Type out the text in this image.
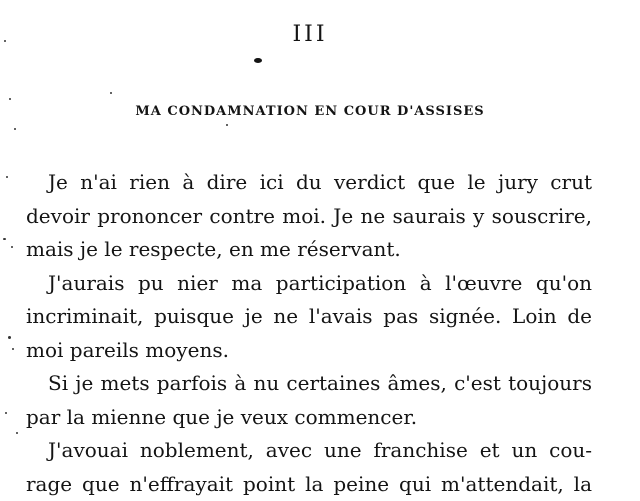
III
MA CONDAMNATION EN COUR D'ASSISES
Je n'ai rien à dire ici du verdict que le jury crut
devoir prononcer contre moi. Je ne saurais y souscrire,
mais je le respecte, en me réservant.
J'aurais pu nier ma participation à l'œuvre qu'on
incriminait, puisque je ne l'avais pas signée. Loin de
moi pareils moyens.
Si je mets parfois à nu certaines âmes, c'est toujours
par la mienne que je veux commencer.
J'avouai noblement, avec une franchise et un cou-
rage que n'effrayait point la peine qui m'attendait, la
